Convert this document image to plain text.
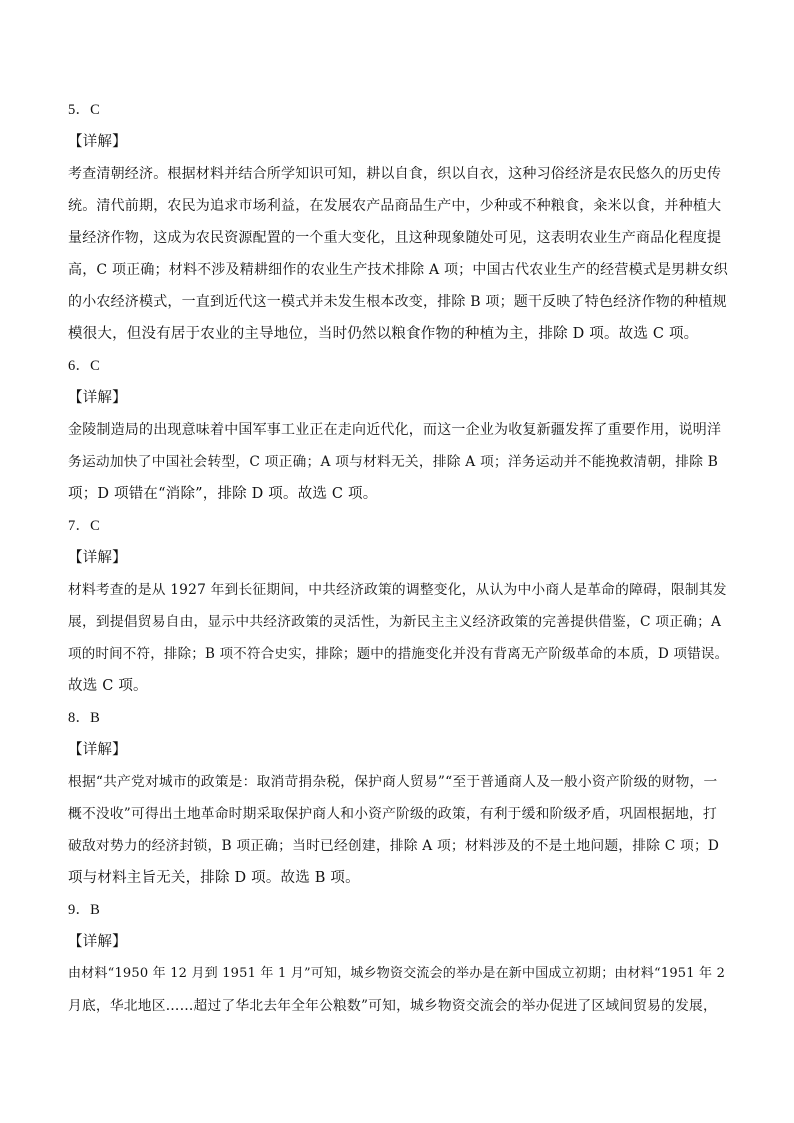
5．C
【详解】
考查清朝经济。根据材料并结合所学知识可知，耕以自食，织以自衣，这种习俗经济是农民悠久的历史传
统。清代前期，农民为追求市场利益，在发展农产品商品生产中，少种或不种粮食，籴米以食，并种植大
量经济作物，这成为农民资源配置的一个重大变化，且这种现象随处可见，这表明农业生产商品化程度提
高，C 项正确；材料不涉及精耕细作的农业生产技术排除 A 项；中国古代农业生产的经营模式是男耕女织
的小农经济模式，一直到近代这一模式并未发生根本改变，排除 B 项；题干反映了特色经济作物的种植规
模很大，但没有居于农业的主导地位，当时仍然以粮食作物的种植为主，排除 D 项。故选 C 项。
6．C
【详解】
金陵制造局的出现意味着中国军事工业正在走向近代化，而这一企业为收复新疆发挥了重要作用，说明洋
务运动加快了中国社会转型，C 项正确；A 项与材料无关，排除 A 项；洋务运动并不能挽救清朝，排除 B
项；D 项错在“消除”，排除 D 项。故选 C 项。
7．C
【详解】
材料考查的是从 1927 年到长征期间，中共经济政策的调整变化，从认为中小商人是革命的障碍，限制其发
展，到提倡贸易自由，显示中共经济政策的灵活性，为新民主主义经济政策的完善提供借鉴，C 项正确；A
项的时间不符，排除；B 项不符合史实，排除；题中的措施变化并没有背离无产阶级革命的本质，D 项错误。
故选 C 项。
8．B
【详解】
根据“共产党对城市的政策是：取消苛捐杂税，保护商人贸易”“至于普通商人及一般小资产阶级的财物，一
概不没收”可得出土地革命时期采取保护商人和小资产阶级的政策，有利于缓和阶级矛盾，巩固根据地，打
破敌对势力的经济封锁，B 项正确；当时已经创建，排除 A 项；材料涉及的不是土地问题，排除 C 项；D
项与材料主旨无关，排除 D 项。故选 B 项。
9．B
【详解】
由材料“1950 年 12 月到 1951 年 1 月”可知，城乡物资交流会的举办是在新中国成立初期；由材料“1951 年 2
月底，华北地区……超过了华北去年全年公粮数”可知，城乡物资交流会的举办促进了区域间贸易的发展，
